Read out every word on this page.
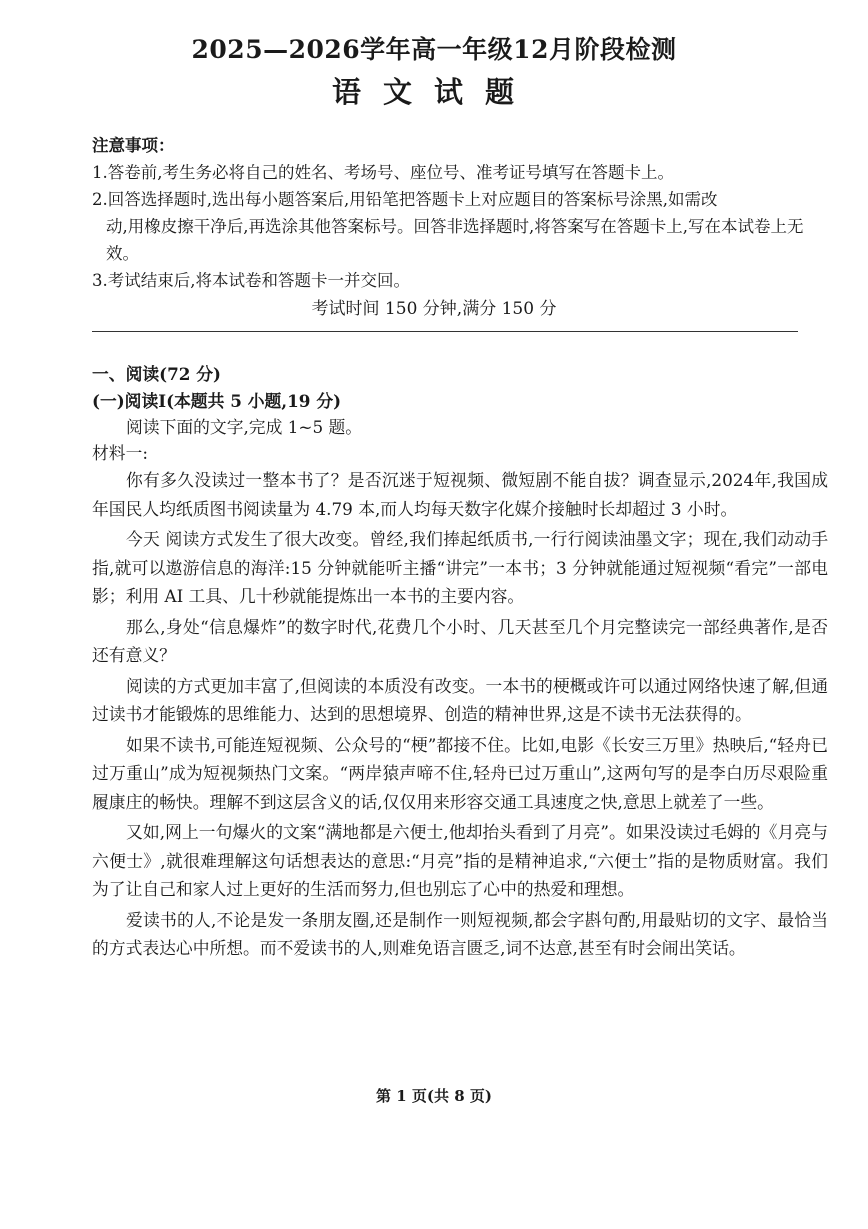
2025—2026学年高一年级12月阶段检测
语文试题
注意事项：
1.答卷前,考生务必将自己的姓名、考场号、座位号、准考证号填写在答题卡上。
2.回答选择题时,选出每小题答案后,用铅笔把答题卡上对应题目的答案标号涂黑,如需改
动,用橡皮擦干净后,再选涂其他答案标号。回答非选择题时,将答案写在答题卡上,写在本试卷上无效。
3.考试结束后,将本试卷和答题卡一并交回。
考试时间 150 分钟,满分 150 分
一、阅读(72 分)
(一)阅读Ⅰ(本题共 5 小题,19 分)
阅读下面的文字,完成 1~5 题。
材料一:

你有多久没读过一整本书了？是否沉迷于短视频、微短剧不能自拔？调查显示,2024年,我国成年国民人均纸质图书阅读量为 4.79 本,而人均每天数字化媒介接触时长却超过 3 小时。

今天 阅读方式发生了很大改变。曾经,我们捧起纸质书,一行行阅读油墨文字；现在,我们动动手指,就可以遨游信息的海洋:15 分钟就能听主播“讲完”一本书；3 分钟就能通过短视频“看完”一部电影；利用 AI 工具、几十秒就能提炼出一本书的主要内容。

那么,身处“信息爆炸”的数字时代,花费几个小时、几天甚至几个月完整读完一部经典著作,是否还有意义？

阅读的方式更加丰富了,但阅读的本质没有改变。一本书的梗概或许可以通过网络快速了解,但通过读书才能锻炼的思维能力、达到的思想境界、创造的精神世界,这是不读书无法获得的。

如果不读书,可能连短视频、公众号的“梗”都接不住。比如,电影《长安三万里》热映后,“轻舟已过万重山”成为短视频热门文案。“两岸猿声啼不住,轻舟已过万重山”,这两句写的是李白历尽艰险重履康庄的畅快。理解不到这层含义的话,仅仅用来形容交通工具速度之快,意思上就差了一些。

又如,网上一句爆火的文案“满地都是六便士,他却抬头看到了月亮”。如果没读过毛姆的《月亮与六便士》,就很难理解这句话想表达的意思:“月亮”指的是精神追求,“六便士”指的是物质财富。我们为了让自己和家人过上更好的生活而努力,但也别忘了心中的热爱和理想。

爱读书的人,不论是发一条朋友圈,还是制作一则短视频,都会字斟句酌,用最贴切的文字、最恰当的方式表达心中所想。而不爱读书的人,则难免语言匮乏,词不达意,甚至有时会闹出笑话。

第 1 页(共 8 页)
